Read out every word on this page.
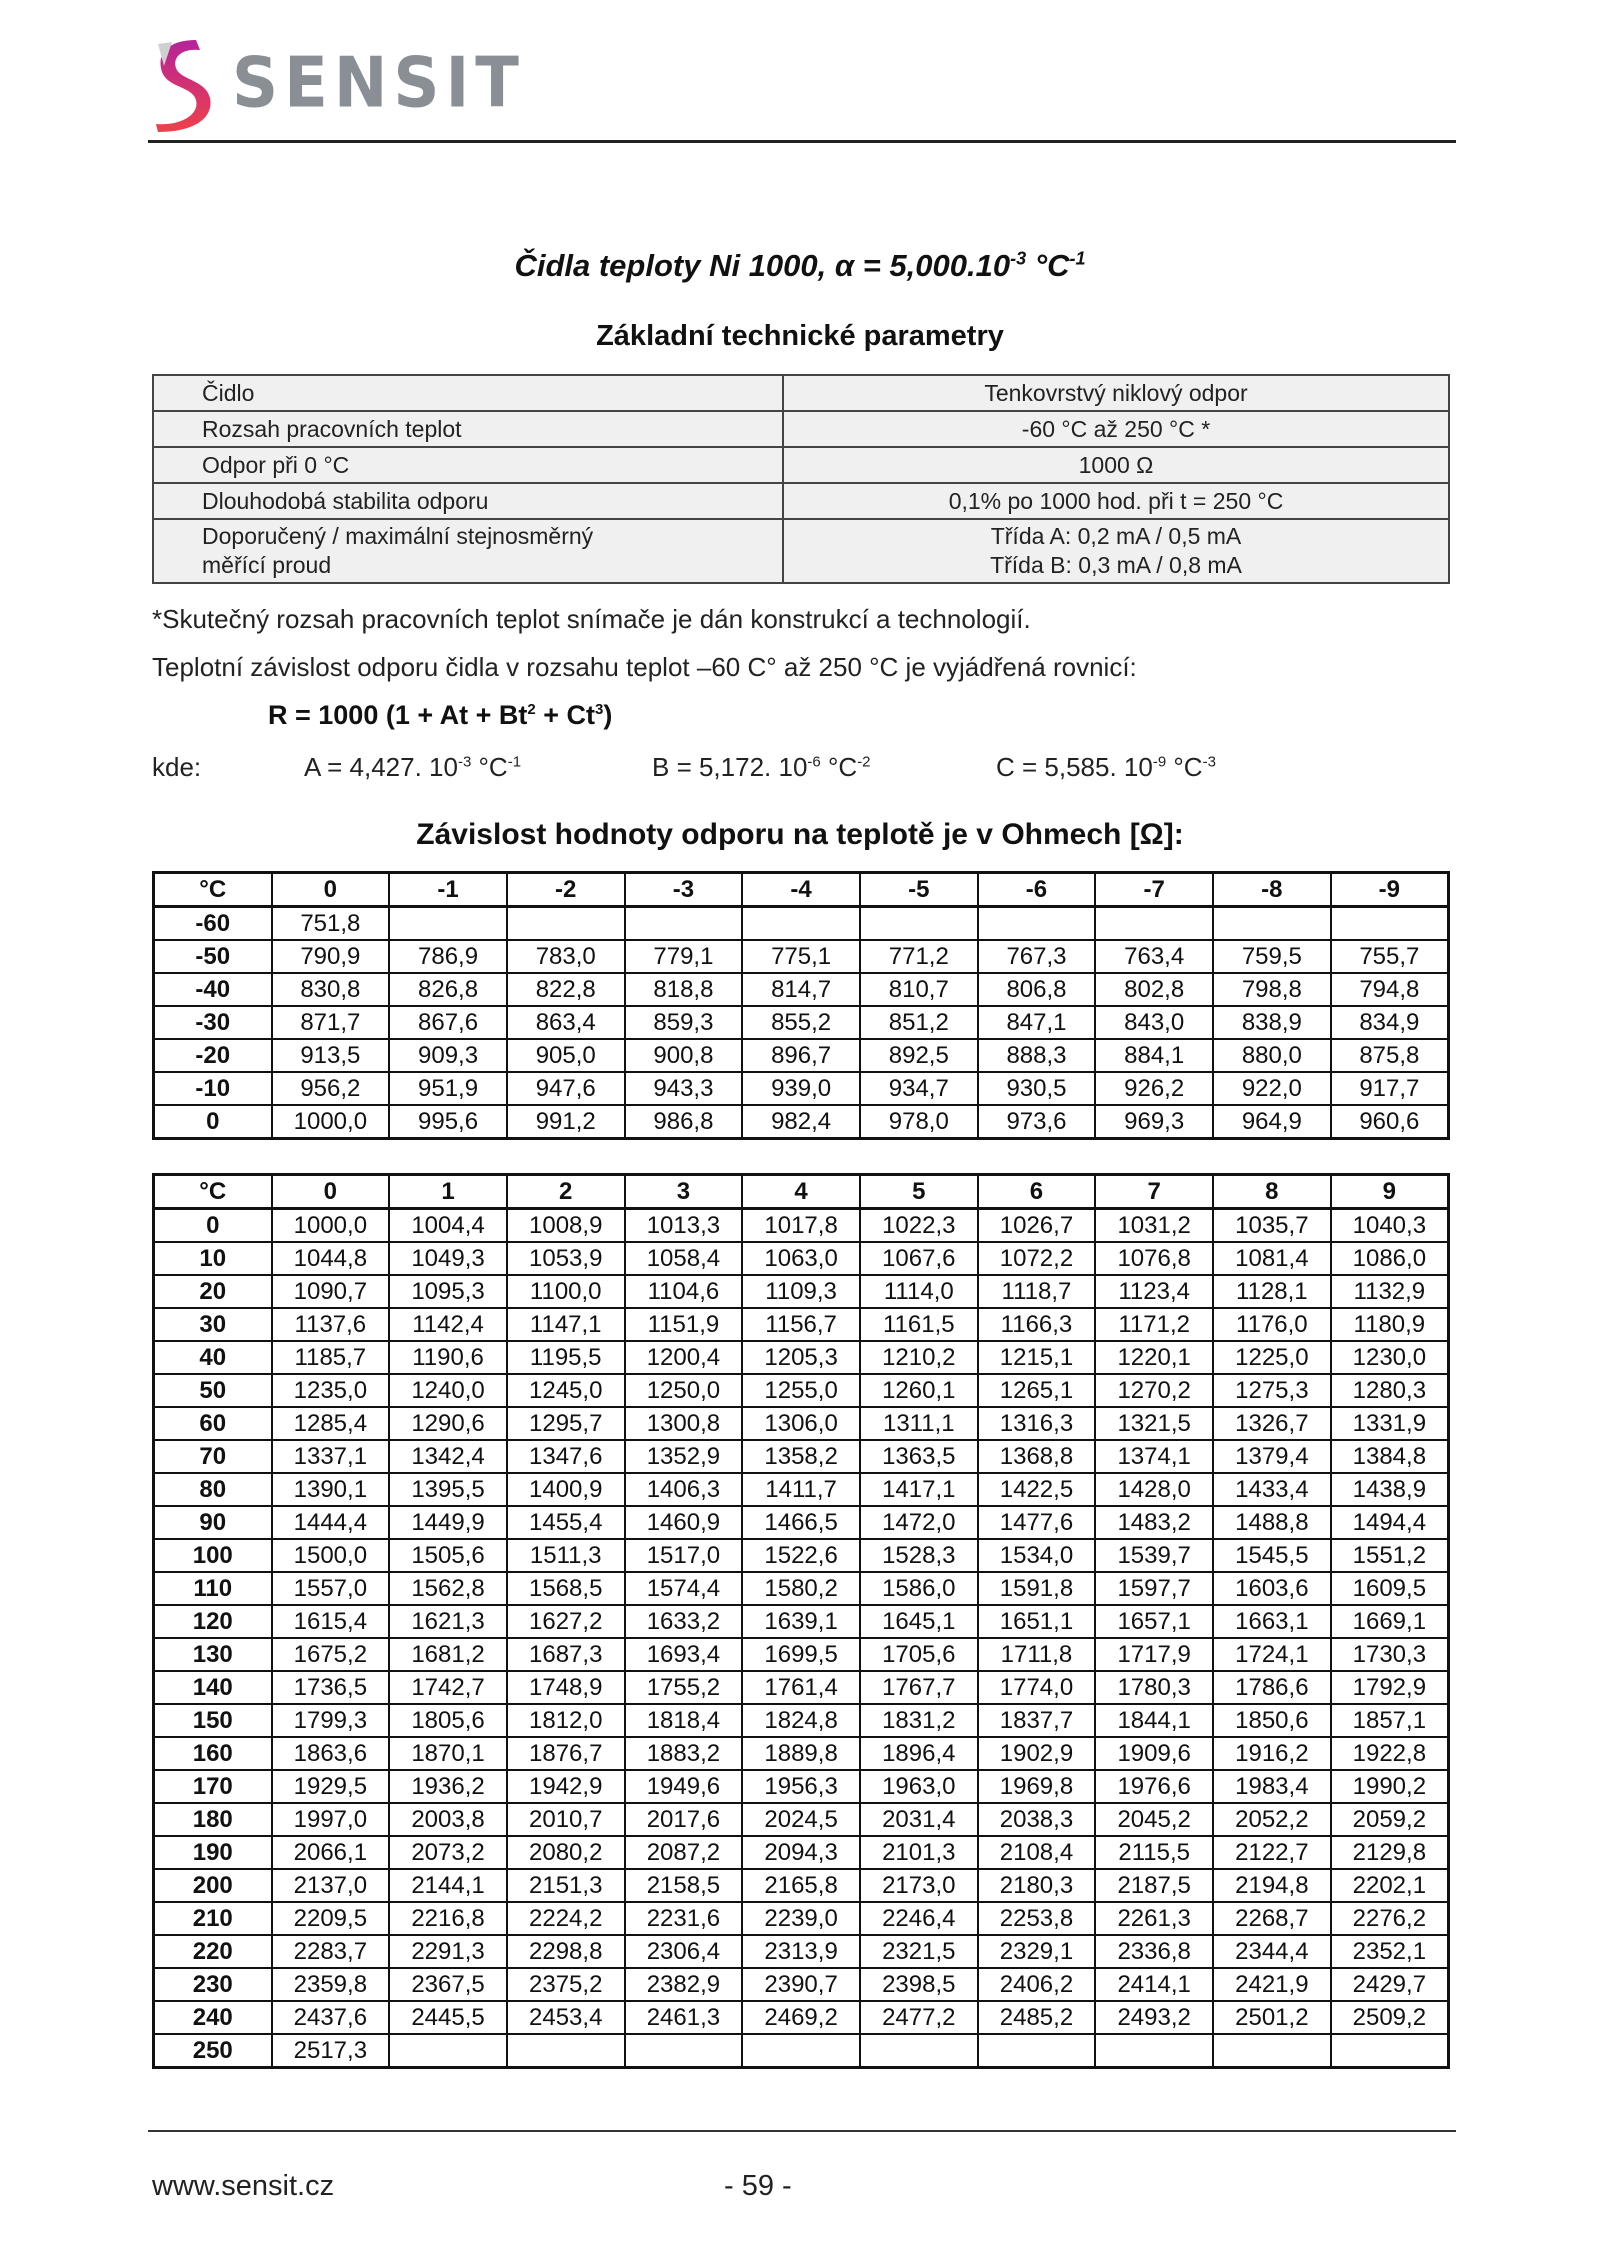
SENSIT
Čidla teploty Ni 1000, $\alpha = 5,000.10^{-3}$ $^\circ C^{-1}$
Základní technické parametry
Čidlo	Tenkovrstvý niklový odpor
Rozsah pracovních teplot	-60 °C až 250 °C *
Odpor při 0 °C	1000 Ω
Dlouhodobá stabilita odporu	0,1% po 1000 hod. při t = 250 °C
Doporučený / maximální stejnosměrný měřící proud	Třída A: 0,2 mA / 0,5 mA
Třída B: 0,3 mA / 0,8 mA
*Skutečný rozsah pracovních teplot snímače je dán konstrukcí a technologií.
Teplotní závislost odporu čidla v rozsahu teplot –60 C° až 250 °C je vyjádřená rovnicí:
R = 1000 $(1 + At + Bt^2 + Ct^3)$
kde:	A = 4,427. $10^{-3}$ $^\circ C^{-1}$	B = 5,172. $10^{-6}$ $^\circ C^{-2}$	C = 5,585. $10^{-9}$ $^\circ C^{-3}$
Závislost hodnoty odporu na teplotě je v Ohmech [Ω]:
°C	0	-1	-2	-3	-4	-5	-6	-7	-8	-9
-60	751,8									
-50	790,9	786,9	783,0	779,1	775,1	771,2	767,3	763,4	759,5	755,7
-40	830,8	826,8	822,8	818,8	814,7	810,7	806,8	802,8	798,8	794,8
-30	871,7	867,6	863,4	859,3	855,2	851,2	847,1	843,0	838,9	834,9
-20	913,5	909,3	905,0	900,8	896,7	892,5	888,3	884,1	880,0	875,8
-10	956,2	951,9	947,6	943,3	939,0	934,7	930,5	926,2	922,0	917,7
0	1000,0	995,6	991,2	986,8	982,4	978,0	973,6	969,3	964,9	960,6
°C	0	1	2	3	4	5	6	7	8	9
0	1000,0	1004,4	1008,9	1013,3	1017,8	1022,3	1026,7	1031,2	1035,7	1040,3
10	1044,8	1049,3	1053,9	1058,4	1063,0	1067,6	1072,2	1076,8	1081,4	1086,0
20	1090,7	1095,3	1100,0	1104,6	1109,3	1114,0	1118,7	1123,4	1128,1	1132,9
30	1137,6	1142,4	1147,1	1151,9	1156,7	1161,5	1166,3	1171,2	1176,0	1180,9
40	1185,7	1190,6	1195,5	1200,4	1205,3	1210,2	1215,1	1220,1	1225,0	1230,0
50	1235,0	1240,0	1245,0	1250,0	1255,0	1260,1	1265,1	1270,2	1275,3	1280,3
60	1285,4	1290,6	1295,7	1300,8	1306,0	1311,1	1316,3	1321,5	1326,7	1331,9
70	1337,1	1342,4	1347,6	1352,9	1358,2	1363,5	1368,8	1374,1	1379,4	1384,8
80	1390,1	1395,5	1400,9	1406,3	1411,7	1417,1	1422,5	1428,0	1433,4	1438,9
90	1444,4	1449,9	1455,4	1460,9	1466,5	1472,0	1477,6	1483,2	1488,8	1494,4
100	1500,0	1505,6	1511,3	1517,0	1522,6	1528,3	1534,0	1539,7	1545,5	1551,2
110	1557,0	1562,8	1568,5	1574,4	1580,2	1586,0	1591,8	1597,7	1603,6	1609,5
120	1615,4	1621,3	1627,2	1633,2	1639,1	1645,1	1651,1	1657,1	1663,1	1669,1
130	1675,2	1681,2	1687,3	1693,4	1699,5	1705,6	1711,8	1717,9	1724,1	1730,3
140	1736,5	1742,7	1748,9	1755,2	1761,4	1767,7	1774,0	1780,3	1786,6	1792,9
150	1799,3	1805,6	1812,0	1818,4	1824,8	1831,2	1837,7	1844,1	1850,6	1857,1
160	1863,6	1870,1	1876,7	1883,2	1889,8	1896,4	1902,9	1909,6	1916,2	1922,8
170	1929,5	1936,2	1942,9	1949,6	1956,3	1963,0	1969,8	1976,6	1983,4	1990,2
180	1997,0	2003,8	2010,7	2017,6	2024,5	2031,4	2038,3	2045,2	2052,2	2059,2
190	2066,1	2073,2	2080,2	2087,2	2094,3	2101,3	2108,4	2115,5	2122,7	2129,8
200	2137,0	2144,1	2151,3	2158,5	2165,8	2173,0	2180,3	2187,5	2194,8	2202,1
210	2209,5	2216,8	2224,2	2231,6	2239,0	2246,4	2253,8	2261,3	2268,7	2276,2
220	2283,7	2291,3	2298,8	2306,4	2313,9	2321,5	2329,1	2336,8	2344,4	2352,1
230	2359,8	2367,5	2375,2	2382,9	2390,7	2398,5	2406,2	2414,1	2421,9	2429,7
240	2437,6	2445,5	2453,4	2461,3	2469,2	2477,2	2485,2	2493,2	2501,2	2509,2
250	2517,3									
www.sensit.cz	- 59 -
